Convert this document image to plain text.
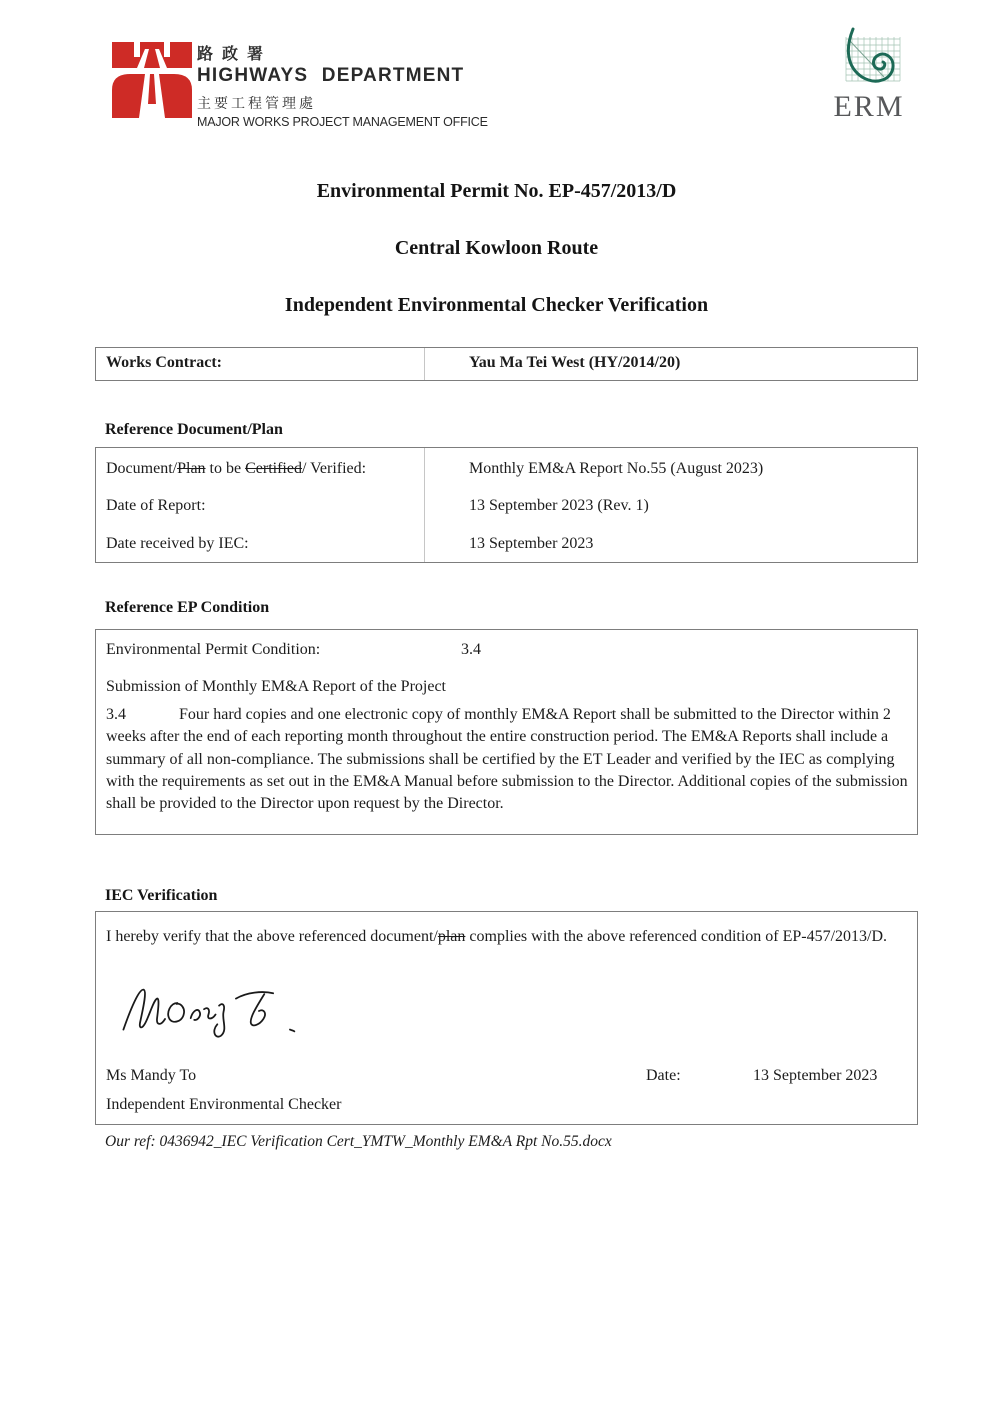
路政署
HIGHWAYS DEPARTMENT
主要工程管理處
MAJOR WORKS PROJECT MANAGEMENT OFFICE	ERM
Environmental Permit No. EP-457/2013/D
Central Kowloon Route
Independent Environmental Checker Verification
Works Contract:	Yau Ma Tei West (HY/2014/20)
Reference Document/Plan
Document/Plan to be Certified/ Verified:	Monthly EM&A Report No.55 (August 2023)
Date of Report:	13 September 2023 (Rev. 1)
Date received by IEC:	13 September 2023
Reference EP Condition
Environmental Permit Condition:	3.4
Submission of Monthly EM&A Report of the Project
3.4	Four hard copies and one electronic copy of monthly EM&A Report shall be submitted to the Director within 2 weeks after the end of each reporting month throughout the entire construction period. The EM&A Reports shall include a summary of all non-compliance. The submissions shall be certified by the ET Leader and verified by the IEC as complying with the requirements as set out in the EM&A Manual before submission to the Director. Additional copies of the submission shall be provided to the Director upon request by the Director.
IEC Verification
I hereby verify that the above referenced document/plan complies with the above referenced condition of EP-457/2013/D.
Ms Mandy To	Date:	13 September 2023
Independent Environmental Checker
Our ref: 0436942_IEC Verification Cert_YMTW_Monthly EM&A Rpt No.55.docx
